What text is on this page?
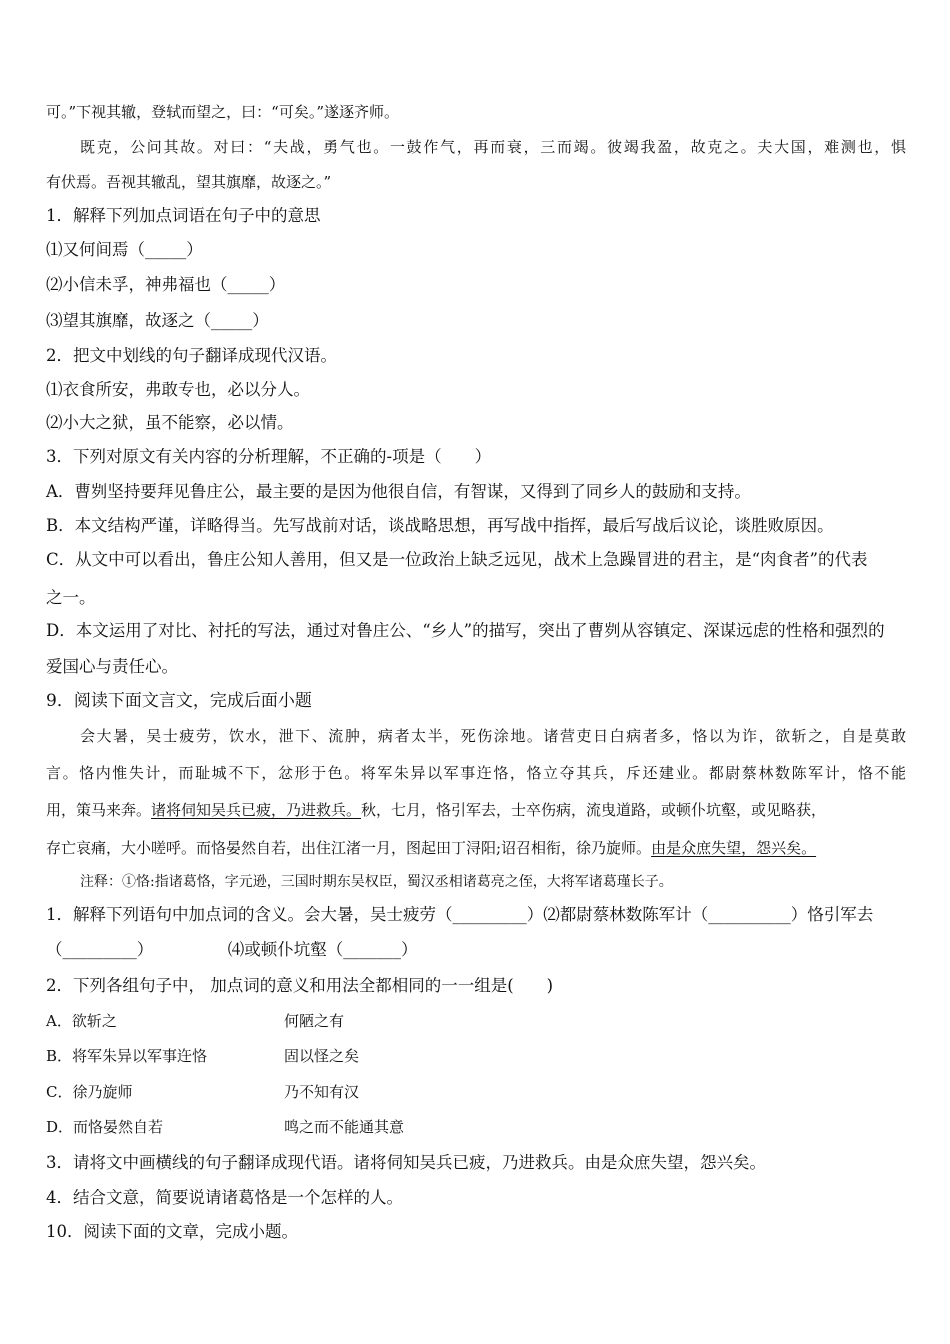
可。”下视其辙，登轼而望之，曰：“可矣。”遂逐齐师。
既克，公问其故。对曰：“夫战，勇气也。一鼓作气，再而衰，三而竭。彼竭我盈，故克之。夫大国，难测也，惧
有伏焉。吾视其辙乱，望其旗靡，故逐之。”
1．解释下列加点词语在句子中的意思
⑴又何间焉（_____）
⑵小信未孚，神弗福也（_____）
⑶望其旗靡，故逐之（_____）
2．把文中划线的句子翻译成现代汉语。
⑴衣食所安，弗敢专也，必以分人。
⑵小大之狱，虽不能察，必以情。
3．下列对原文有关内容的分析理解，不正确的-项是（　　）
A．曹刿坚持要拜见鲁庄公，最主要的是因为他很自信，有智谋，又得到了同乡人的鼓励和支持。
B．本文结构严谨，详略得当。先写战前对话，谈战略思想，再写战中指挥，最后写战后议论，谈胜败原因。
C．从文中可以看出，鲁庄公知人善用，但又是一位政治上缺乏远见，战术上急躁冒进的君主，是“肉食者”的代表
之一。
D．本文运用了对比、衬托的写法，通过对鲁庄公、“乡人”的描写，突出了曹刿从容镇定、深谋远虑的性格和强烈的
爱国心与责任心。
9．阅读下面文言文，完成后面小题
会大暑，吴士疲劳，饮水，泄下、流肿，病者太半，死伤涂地。诸营吏日白病者多，恪以为诈，欲斩之，自是莫敢
言。恪内惟失计，而耻城不下，忿形于色。将军朱异以军事迕恪，恪立夺其兵，斥还建业。都尉蔡林数陈军计，恪不能
用，策马来奔。诸将伺知吴兵已疲，乃进救兵。秋，七月，恪引军去，士卒伤病，流曳道路，或顿仆坑壑，或见略获，
存亡哀痛，大小嗟呼。而恪晏然自若，出住江渚一月，图起田丁浔阳;诏召相衔，徐乃旋师。由是众庶失望，怨兴矣。
注释：①恪:指诸葛恪，字元逊，三国时期东吴权臣，蜀汉丞相诸葛亮之侄，大将军诸葛瑾长子。
1．解释下列语句中加点词的含义。会大暑，吴士疲劳（_________）⑵都尉蔡林数陈军计（__________）恪引军去
（_________）	⑷或顿仆坑壑（_______）
2．下列各组句子中， 加点词的意义和用法全都相同的一一组是(　　)
A．欲斩之	何陋之有
B．将军朱异以军事迕恪	固以怪之矣
C．徐乃旋师	乃不知有汉
D．而恪晏然自若	鸣之而不能通其意
3．请将文中画横线的句子翻译成现代语。诸将伺知吴兵已疲，乃进救兵。由是众庶失望，怨兴矣。
4．结合文意，简要说请诸葛恪是一个怎样的人。
10．阅读下面的文章，完成小题。
